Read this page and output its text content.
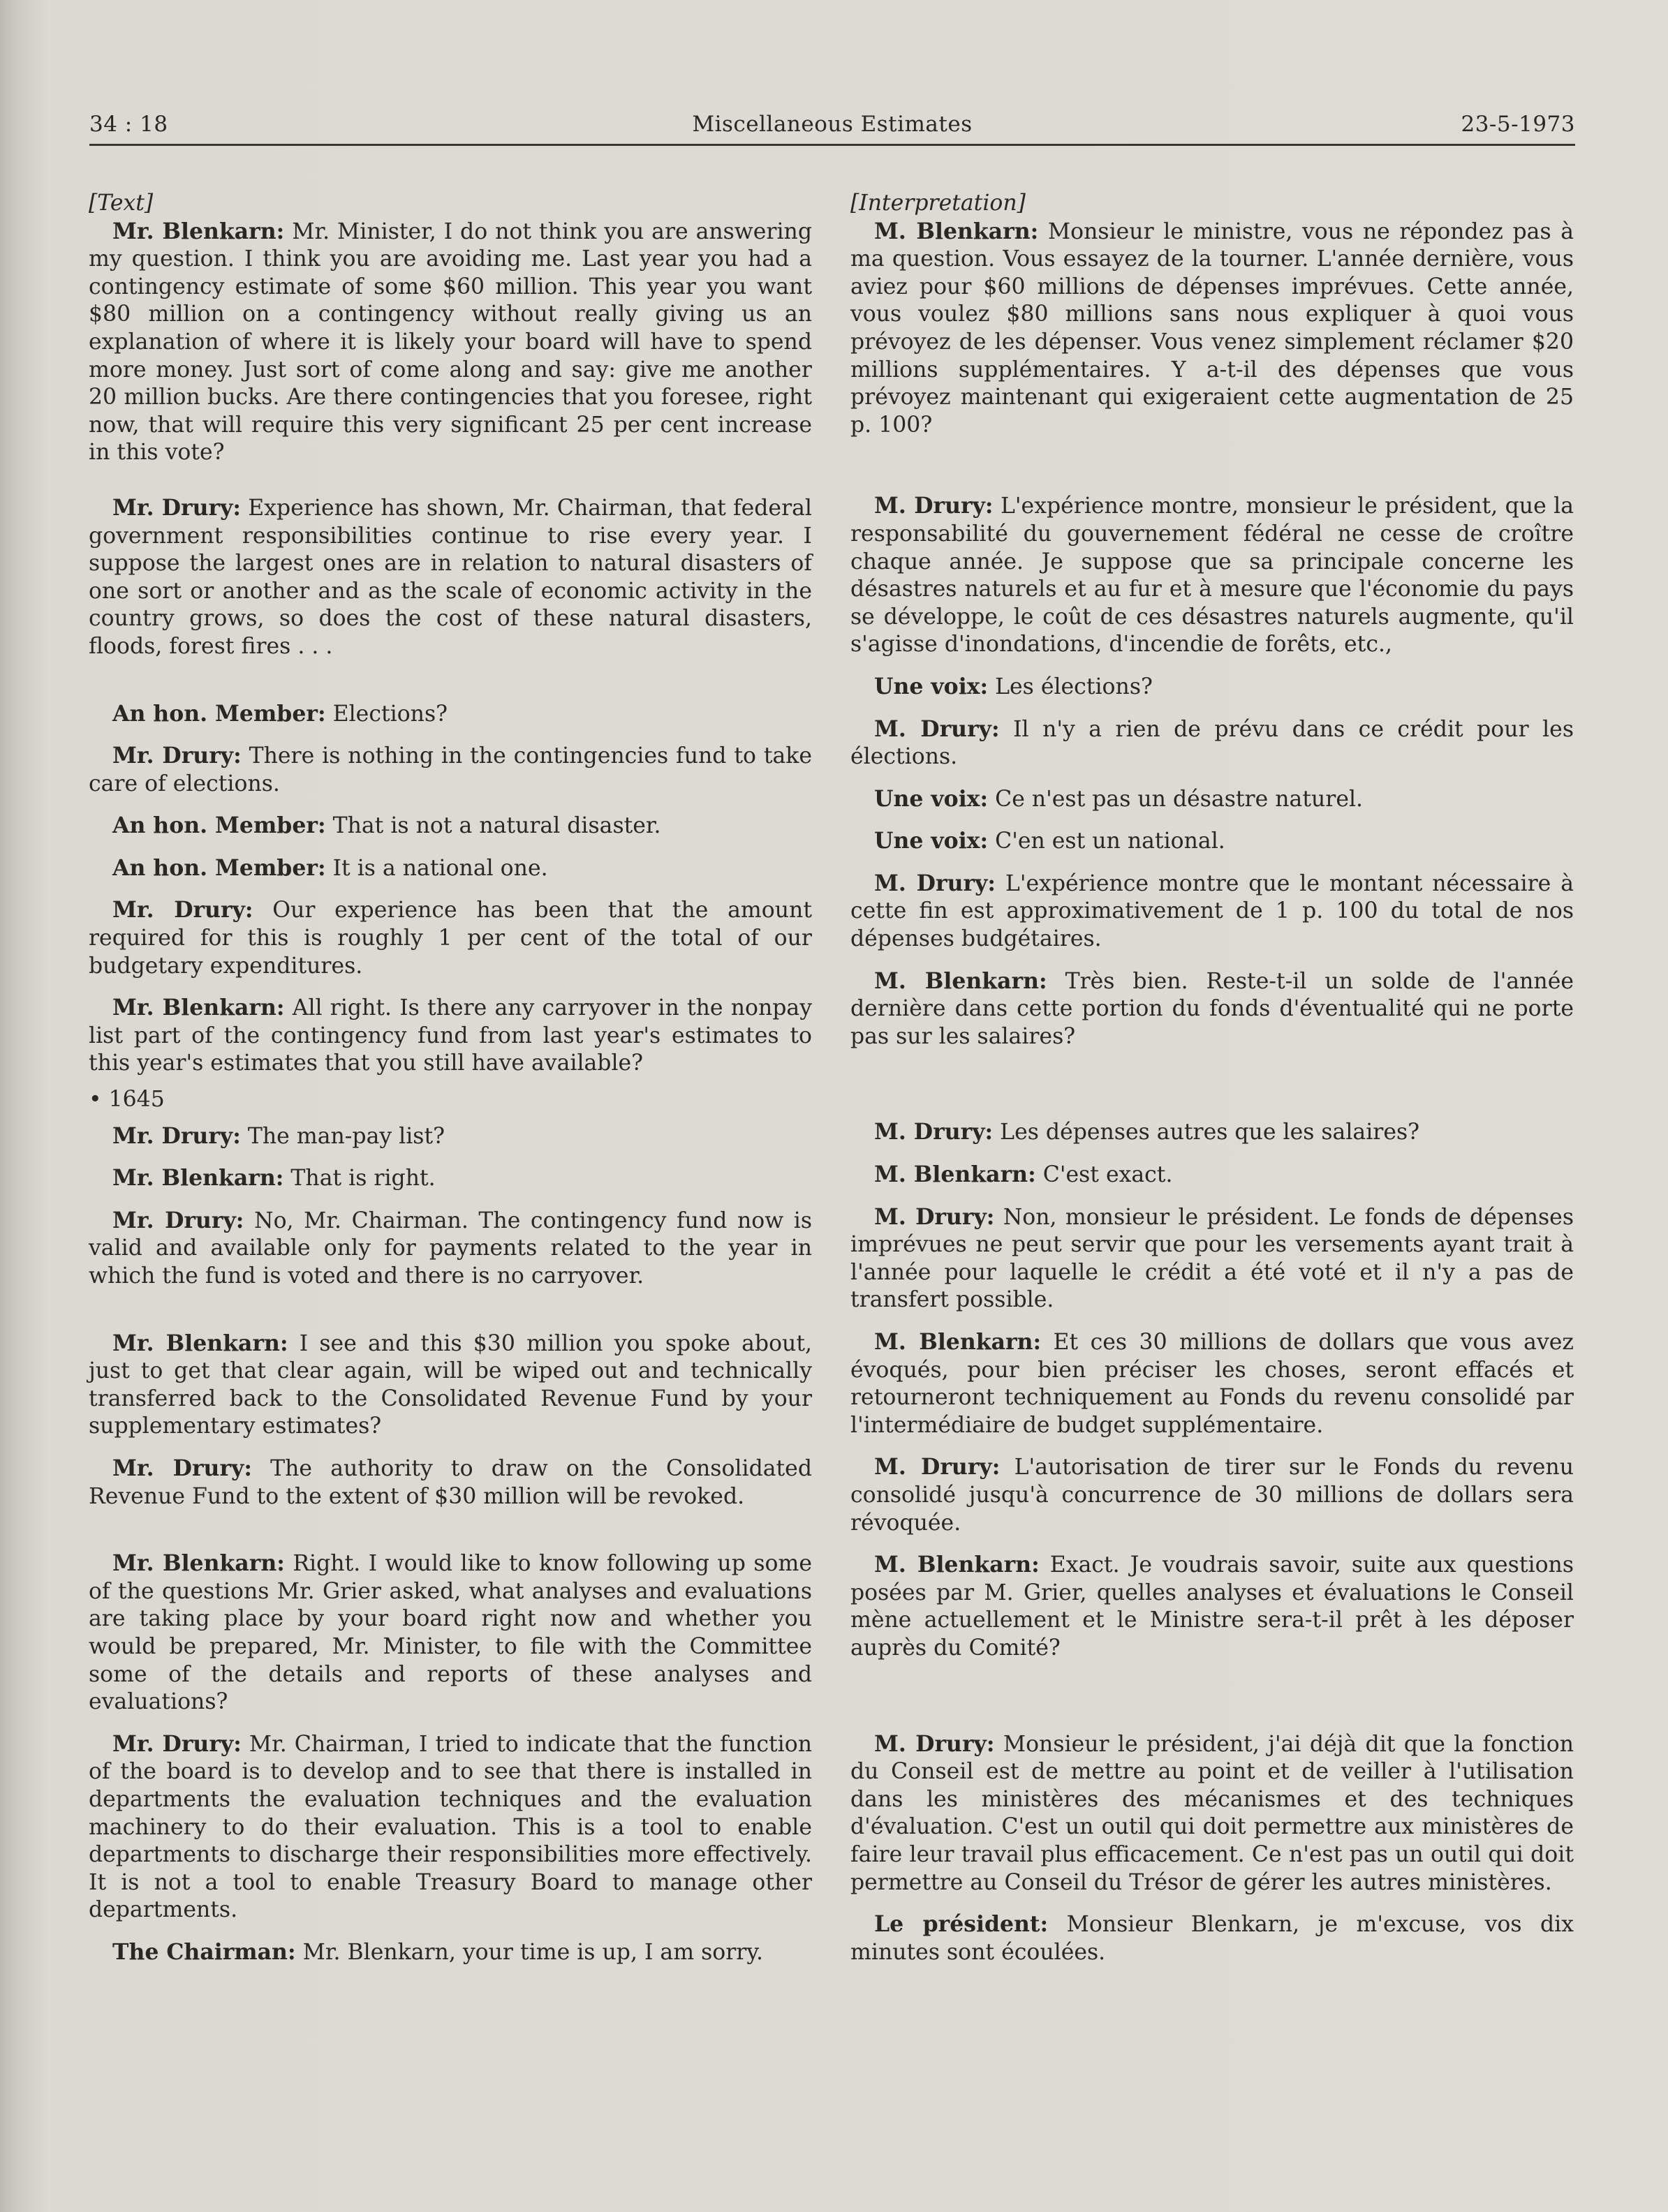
34 : 18	Miscellaneous Estimates	23-5-1973

[Text]

Mr. Blenkarn: Mr. Minister, I do not think you are answering my question. I think you are avoiding me. Last year you had a contingency estimate of some $60 million. This year you want $80 million on a contingency without really giving us an explanation of where it is likely your board will have to spend more money. Just sort of come along and say: give me another 20 million bucks. Are there contingencies that you foresee, right now, that will require this very significant 25 per cent increase in this vote?

Mr. Drury: Experience has shown, Mr. Chairman, that federal government responsibilities continue to rise every year. I suppose the largest ones are in relation to natural disasters of one sort or another and as the scale of economic activity in the country grows, so does the cost of these natural disasters, floods, forest fires . . .

An hon. Member: Elections?

Mr. Drury: There is nothing in the contingencies fund to take care of elections.

An hon. Member: That is not a natural disaster.

An hon. Member: It is a national one.

Mr. Drury: Our experience has been that the amount required for this is roughly 1 per cent of the total of our budgetary expenditures.

Mr. Blenkarn: All right. Is there any carryover in the nonpay list part of the contingency fund from last year's estimates to this year's estimates that you still have available?

• 1645

Mr. Drury: The man-pay list?

Mr. Blenkarn: That is right.

Mr. Drury: No, Mr. Chairman. The contingency fund now is valid and available only for payments related to the year in which the fund is voted and there is no carryover.

Mr. Blenkarn: I see and this $30 million you spoke about, just to get that clear again, will be wiped out and technically transferred back to the Consolidated Revenue Fund by your supplementary estimates?

Mr. Drury: The authority to draw on the Consolidated Revenue Fund to the extent of $30 million will be revoked.

Mr. Blenkarn: Right. I would like to know following up some of the questions Mr. Grier asked, what analyses and evaluations are taking place by your board right now and whether you would be prepared, Mr. Minister, to file with the Committee some of the details and reports of these analyses and evaluations?

Mr. Drury: Mr. Chairman, I tried to indicate that the function of the board is to develop and to see that there is installed in departments the evaluation techniques and the evaluation machinery to do their evaluation. This is a tool to enable departments to discharge their responsibilities more effectively. It is not a tool to enable Treasury Board to manage other departments.

The Chairman: Mr. Blenkarn, your time is up, I am sorry.

[Interpretation]

M. Blenkarn: Monsieur le ministre, vous ne répondez pas à ma question. Vous essayez de la tourner. L'année dernière, vous aviez pour $60 millions de dépenses imprévues. Cette année, vous voulez $80 millions sans nous expliquer à quoi vous prévoyez de les dépenser. Vous venez simplement réclamer $20 millions supplémentaires. Y a-t-il des dépenses que vous prévoyez maintenant qui exigeraient cette augmentation de 25 p. 100?

M. Drury: L'expérience montre, monsieur le président, que la responsabilité du gouvernement fédéral ne cesse de croître chaque année. Je suppose que sa principale concerne les désastres naturels et au fur et à mesure que l'économie du pays se développe, le coût de ces désastres naturels augmente, qu'il s'agisse d'inondations, d'incendie de forêts, etc.,

Une voix: Les élections?

M. Drury: Il n'y a rien de prévu dans ce crédit pour les élections.

Une voix: Ce n'est pas un désastre naturel.

Une voix: C'en est un national.

M. Drury: L'expérience montre que le montant nécessaire à cette fin est approximativement de 1 p. 100 du total de nos dépenses budgétaires.

M. Blenkarn: Très bien. Reste-t-il un solde de l'année dernière dans cette portion du fonds d'éventualité qui ne porte pas sur les salaires?

M. Drury: Les dépenses autres que les salaires?

M. Blenkarn: C'est exact.

M. Drury: Non, monsieur le président. Le fonds de dépenses imprévues ne peut servir que pour les versements ayant trait à l'année pour laquelle le crédit a été voté et il n'y a pas de transfert possible.

M. Blenkarn: Et ces 30 millions de dollars que vous avez évoqués, pour bien préciser les choses, seront effacés et retourneront techniquement au Fonds du revenu consolidé par l'intermédiaire de budget supplémentaire.

M. Drury: L'autorisation de tirer sur le Fonds du revenu consolidé jusqu'à concurrence de 30 millions de dollars sera révoquée.

M. Blenkarn: Exact. Je voudrais savoir, suite aux questions posées par M. Grier, quelles analyses et évaluations le Conseil mène actuellement et le Ministre sera-t-il prêt à les déposer auprès du Comité?

M. Drury: Monsieur le président, j'ai déjà dit que la fonction du Conseil est de mettre au point et de veiller à l'utilisation dans les ministères des mécanismes et des techniques d'évaluation. C'est un outil qui doit permettre aux ministères de faire leur travail plus efficacement. Ce n'est pas un outil qui doit permettre au Conseil du Trésor de gérer les autres ministères.

Le président: Monsieur Blenkarn, je m'excuse, vos dix minutes sont écoulées.
